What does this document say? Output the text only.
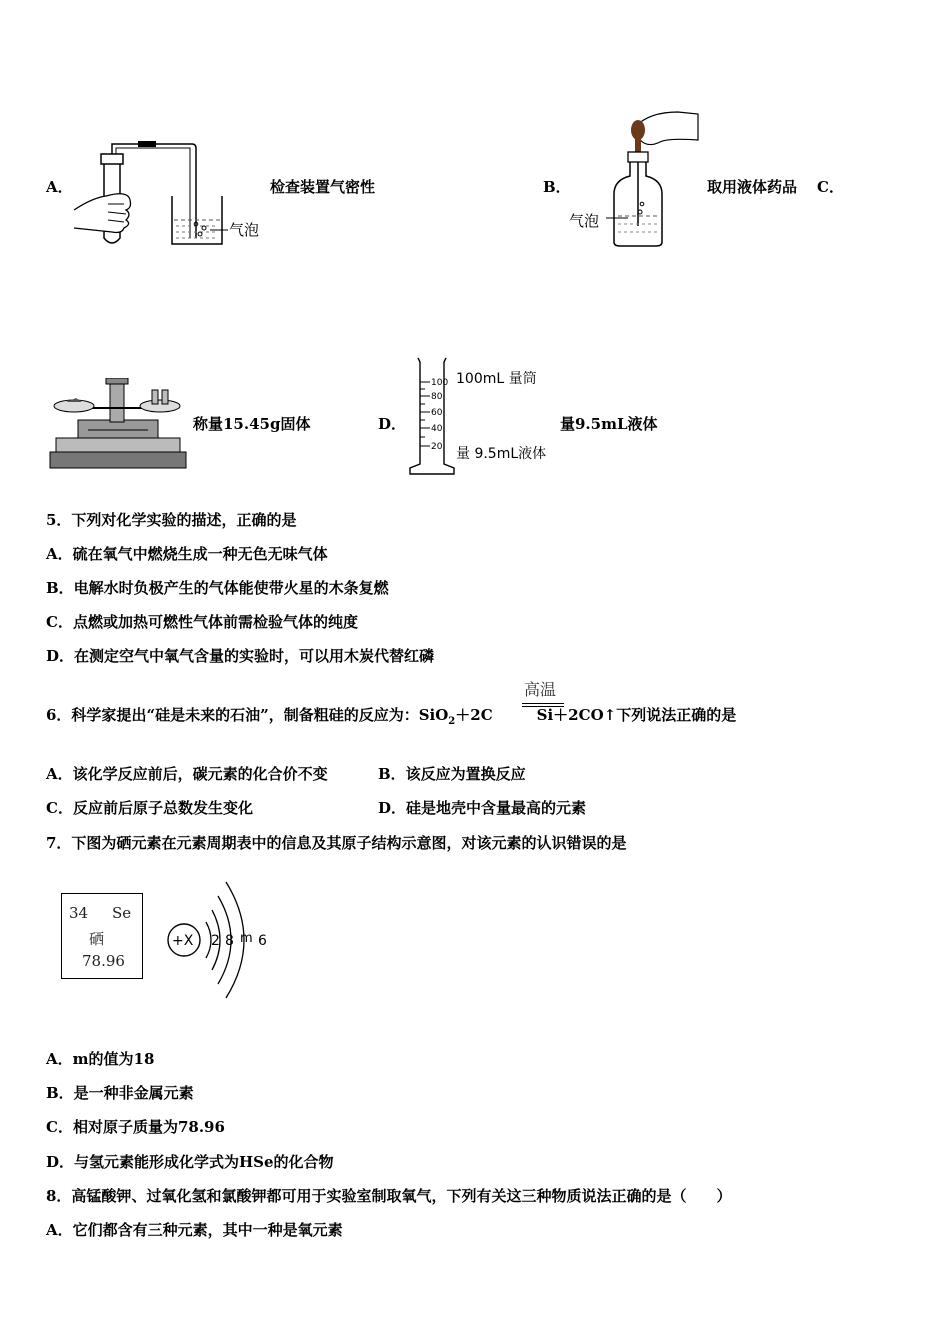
A．
气泡
检查装置气密性	B．
气泡
取用液体药品 C．
称量15.45g固体	D．
100
80
60
40
20
100mL 量筒
量 9.5mL液体
量9.5mL液体
5．下列对化学实验的描述，正确的是
A．硫在氧气中燃烧生成一种无色无味气体
B．电解水时负极产生的气体能使带火星的木条复燃
C．点燃或加热可燃性气体前需检验气体的纯度
D．在测定空气中氧气含量的实验时，可以用木炭代替红磷
6．科学家提出“硅是未来的石油”，制备粗硅的反应为：SiO$_2$＋2C	Si＋2CO↑下列说法正确的是
高温
A．该化学反应前后，碳元素的化合价不变	B．该反应为置换反应
C．反应前后原子总数发生变化	D．硅是地壳中含量最高的元素
7．下图为硒元素在元素周期表中的信息及其原子结构示意图，对该元素的认识错误的是
34 Se
硒
78.96
+X 2 8 m 6
A．m的值为18
B．是一种非金属元素
C．相对原子质量为78.96
D．与氢元素能形成化学式为HSe的化合物
8．高锰酸钾、过氧化氢和氯酸钾都可用于实验室制取氧气，下列有关这三种物质说法正确的是（　　）
A．它们都含有三种元素，其中一种是氧元素
